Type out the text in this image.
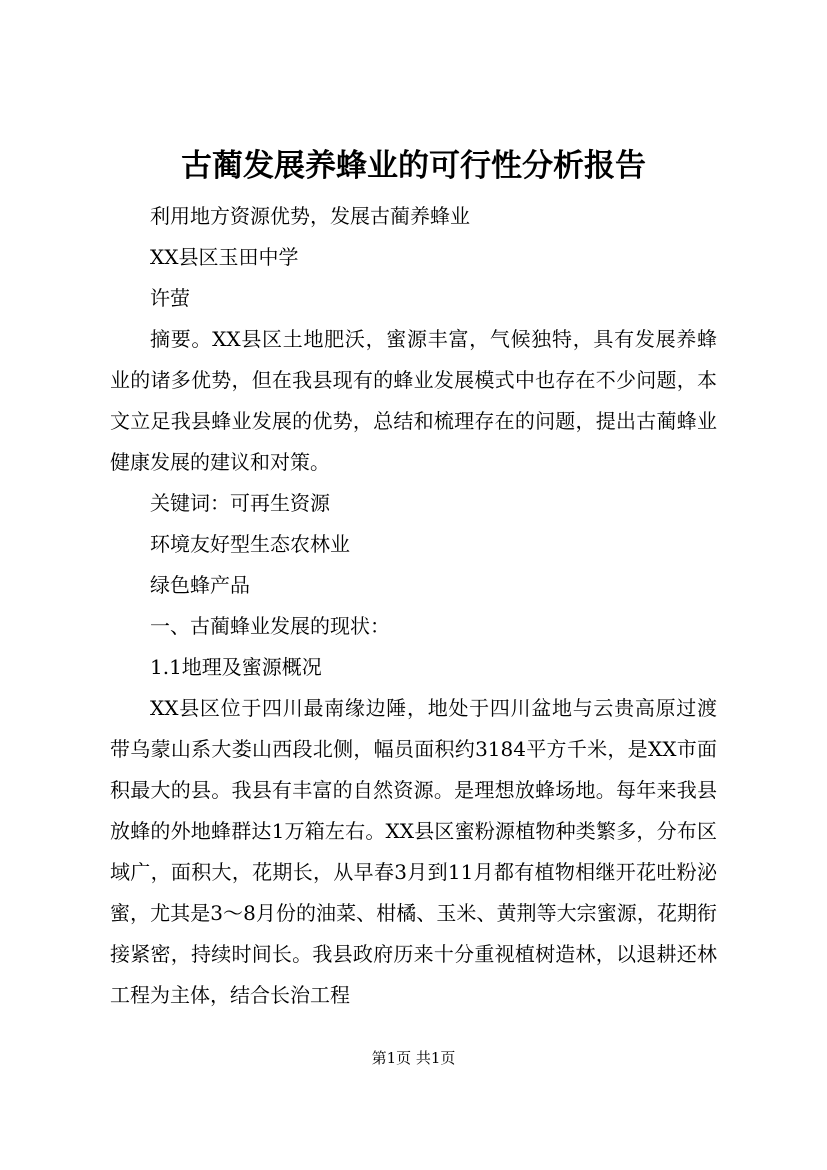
古蔺发展养蜂业的可行性分析报告

利用地方资源优势，发展古蔺养蜂业

XX县区玉田中学

许萤

摘要。XX县区土地肥沃，蜜源丰富，气候独特，具有发展养蜂业的诸多优势，但在我县现有的蜂业发展模式中也存在不少问题，本文立足我县蜂业发展的优势，总结和梳理存在的问题，提出古蔺蜂业健康发展的建议和对策。

关键词：可再生资源

环境友好型生态农林业

绿色蜂产品

一、古蔺蜂业发展的现状：

1.1地理及蜜源概况

XX县区位于四川最南缘边陲，地处于四川盆地与云贵高原过渡带乌蒙山系大娄山西段北侧，幅员面积约3184平方千米，是XX市面积最大的县。我县有丰富的自然资源。是理想放蜂场地。每年来我县放蜂的外地蜂群达1万箱左右。XX县区蜜粉源植物种类繁多，分布区域广，面积大，花期长，从早春3月到11月都有植物相继开花吐粉泌蜜，尤其是3～8月份的油菜、柑橘、玉米、黄荆等大宗蜜源，花期衔接紧密，持续时间长。我县政府历来十分重视植树造林，以退耕还林工程为主体，结合长治工程

第1页 共1页
